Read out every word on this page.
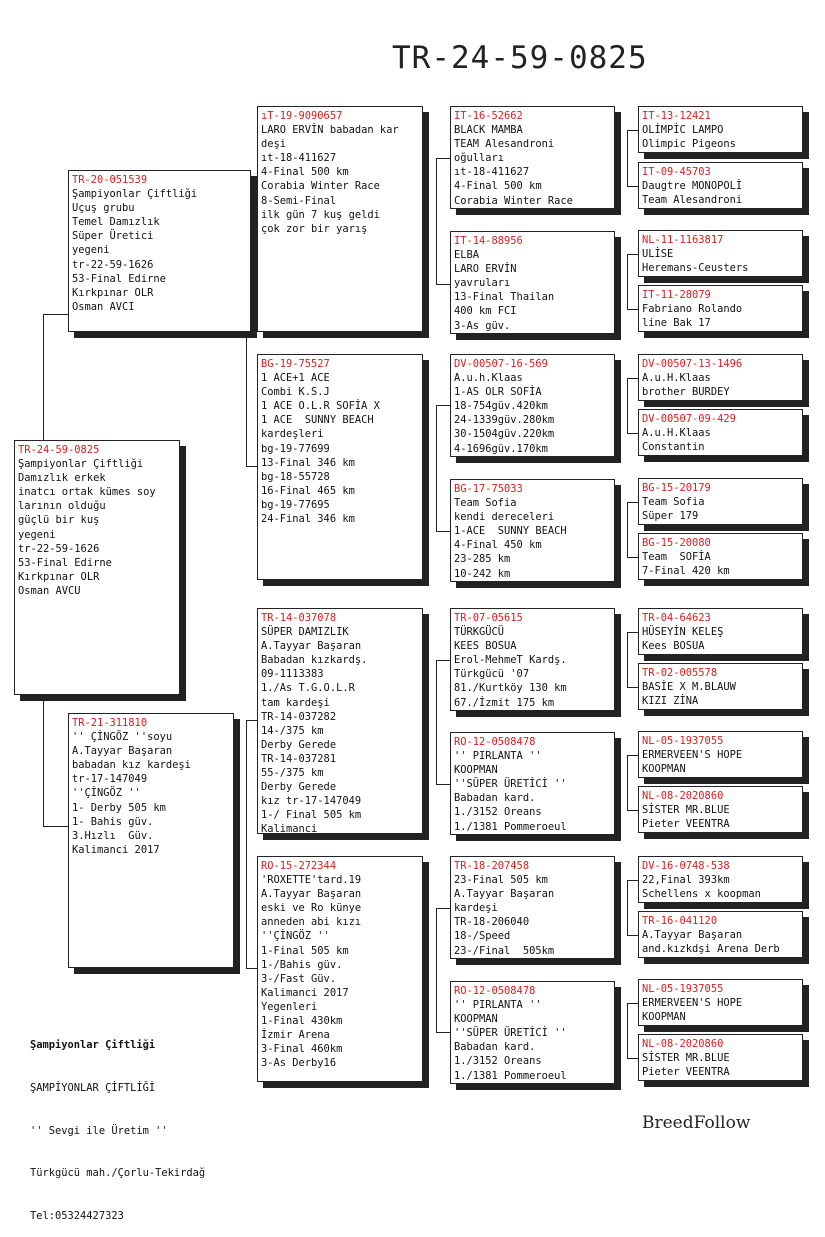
TR-24-59-0825
TR-24-59-0825
Şampiyonlar Çiftliği
Damızlık erkek
inatcı ortak kümes soy
larının olduğu
güçlü bir kuş
yegeni
tr-22-59-1626
53-Final Edirne
Kırkpınar OLR
Osman AVCU
TR-20-051539
Şampiyonlar Çiftliği
Uçuş grubu
Temel Damızlık
Süper Üretici
yegeni
tr-22-59-1626
53-Final Edirne
Kırkpınar OLR
Osman AVCI
TR-21-311810
'' ÇİNGÖZ ''soyu
A.Tayyar Başaran
babadan kız kardeşi
tr-17-147049
''ÇİNGÖZ ''
1- Derby 505 km
1- Bahis güv.
3.Hızlı  Güv.
Kalimanci 2017
ıT-19-9090657
LARO ERVİN babadan kar
deşi
ıt-18-411627
4-Final 500 km
Corabia Winter Race
8-Semi-Final
ilk gün 7 kuş geldi
çok zor bir yarış
BG-19-75527
1 ACE+1 ACE
Combi K.S.J
1 ACE O.L.R SOFİA X
1 ACE  SUNNY BEACH
kardeşleri
bg-19-77699
13-Final 346 km
bg-18-55728
16-Final 465 km
bg-19-77695
24-Final 346 km
TR-14-037078
SÜPER DAMIZLIK
A.Tayyar Başaran
Babadan kızkardş.
09-1113383
1./As T.G.O.L.R
tam kardeşi
TR-14-037282
14-/375 km
Derby Gerede
TR-14-037281
55-/375 km
Derby Gerede
kız tr-17-147049
1-/ Final 505 km
Kalimanci
RO-15-272344
'ROXETTE'tard.19
A.Tayyar Başaran
eski ve Ro künye
anneden abi kızı
''ÇİNGÖZ ''
1-Final 505 km
1-/Bahis güv.
3-/Fast Güv.
Kalimanci 2017
Yegenleri
1-Final 430km
İzmir Arena
3-Final 460km
3-As Derby16
IT-16-52662
BLACK MAMBA
TEAM Alesandroni
oğulları
ıt-18-411627
4-Final 500 km
Corabia Winter Race
IT-14-88956
ELBA
LARO ERVİN
yavruları
13-Final Thailan
400 km FCI
3-As güv.
DV-00507-16-569
A.u.h.Klaas
1-AS OLR SOFİA
18-754güv.420km
24-1339güv.280km
30-1504güv.220km
4-1696güv.170km
BG-17-75033
Team Sofia
kendi dereceleri
1-ACE  SUNNY BEACH
4-Final 450 km
23-285 km
10-242 km
TR-07-05615
TÜRKGÜCÜ
KEES BOSUA
Erol-MehmeT Kardş.
Türkgücü '07
81./Kurtköy 130 km
67./İzmit 175 km
RO-12-0508478
'' PIRLANTA ''
KOOPMAN
''SÜPER ÜRETİCİ ''
Babadan kard.
1./3152 Oreans
1./1381 Pommeroeul
TR-18-207458
23-Final 505 km
A.Tayyar Başaran
kardeşi
TR-18-206040
18-/Speed
23-/Final  505km
RO-12-0508478
'' PIRLANTA ''
KOOPMAN
''SÜPER ÜRETİCİ ''
Babadan kard.
1./3152 Oreans
1./1381 Pommeroeul
IT-13-12421
OLİMPİC LAMPO
Olimpic Pigeons
IT-09-45703
Daugtre MONOPOLİ
Team Alesandroni
NL-11-1163817
ULİSE
Heremans-Ceusters
IT-11-28079
Fabriano Rolando
line Bak 17
DV-00507-13-1496
A.u.H.Klaas
brother BURDEY
DV-00507-09-429
A.u.H.Klaas
Constantin
BG-15-20179
Team Sofia
Süper 179
BG-15-20080
Team  SOFİA
7-Final 420 km
TR-04-64623
HÜSEYİN KELEŞ
Kees BOSUA
TR-02-005578
BASİE X M.BLAUW
KIZI ZİNA
NL-05-1937055
ERMERVEEN'S HOPE
KOOPMAN
NL-08-2020860
SİSTER MR.BLUE
Pieter VEENTRA
DV-16-0748-538
22,Final 393km
Schellens x koopman
TR-16-041120
A.Tayyar Başaran
and.kızkdşi Arena Derb
NL-05-1937055
ERMERVEEN'S HOPE
KOOPMAN
NL-08-2020860
SİSTER MR.BLUE
Pieter VEENTRA

Şampiyonlar Çiftliği

ŞAMPİYONLAR ÇİFTLİĞİ

'' Sevgi ile Üretim ''

Türkgücü mah./Çorlu-Tekirdağ

Tel:05324427323

BreedFollow
